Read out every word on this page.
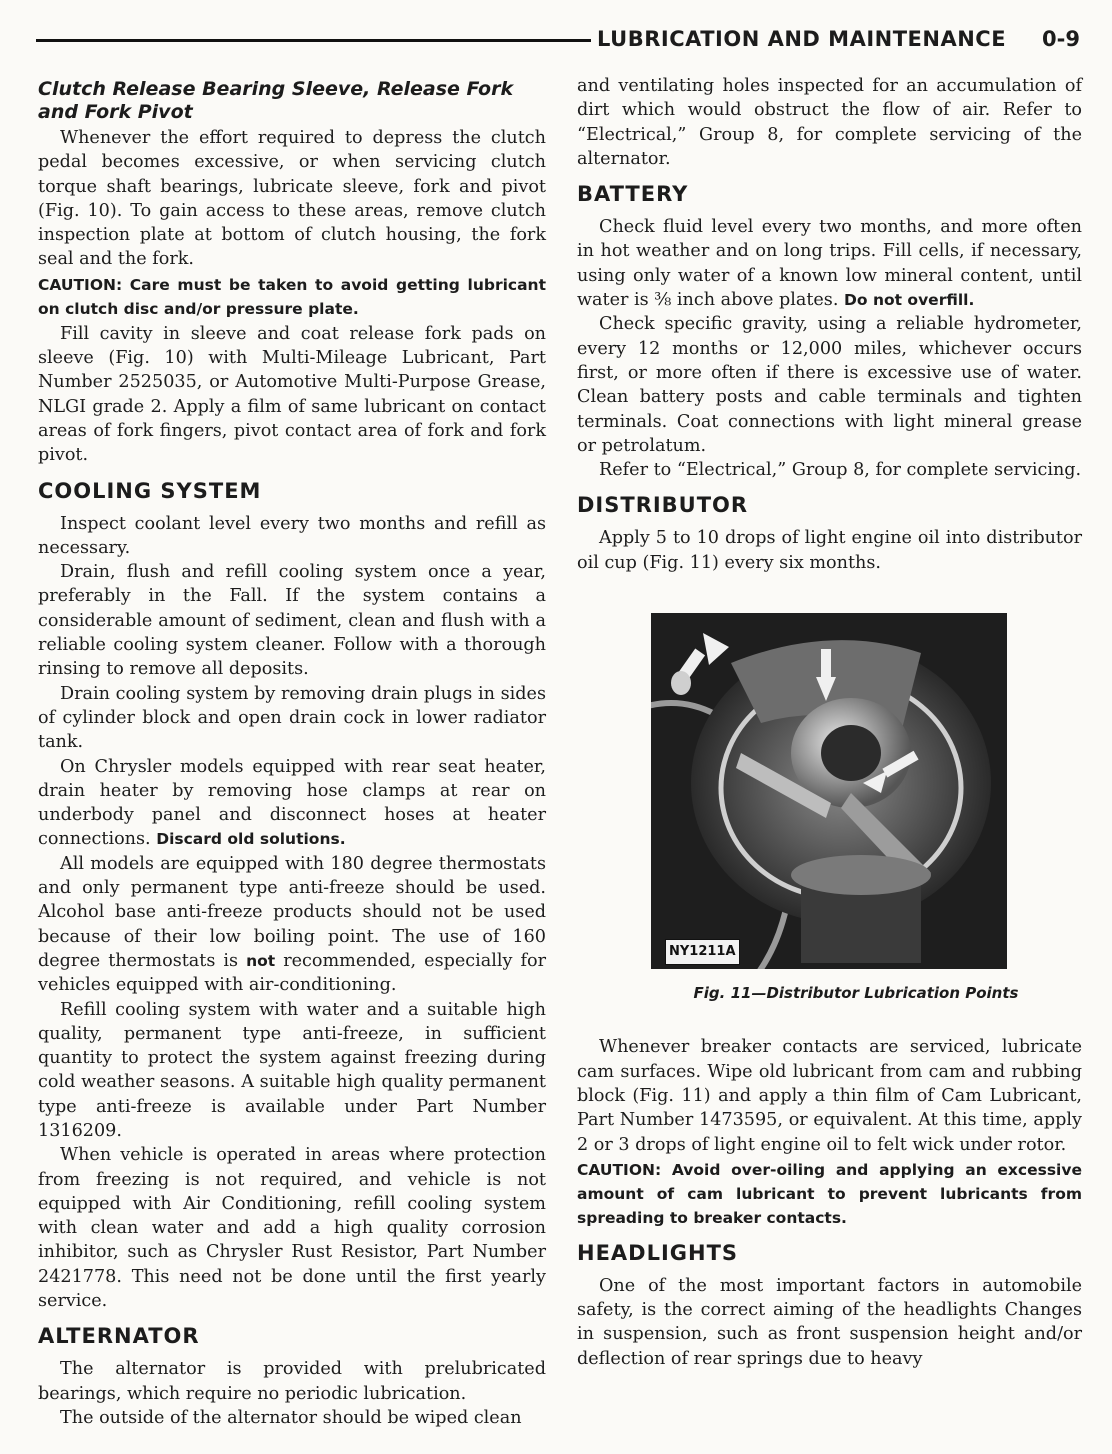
LUBRICATION AND MAINTENANCE 0-9
Clutch Release Bearing Sleeve, Release Fork and Fork Pivot

Whenever the effort required to depress the clutch pedal becomes excessive, or when servicing clutch torque shaft bearings, lubricate sleeve, fork and pivot (Fig. 10). To gain access to these areas, remove clutch inspection plate at bottom of clutch housing, the fork seal and the fork.

CAUTION: Care must be taken to avoid getting lubricant on clutch disc and/or pressure plate.

Fill cavity in sleeve and coat release fork pads on sleeve (Fig. 10) with Multi-Mileage Lubricant, Part Number 2525035, or Automotive Multi-Purpose Grease, NLGI grade 2. Apply a film of same lubricant on contact areas of fork fingers, pivot contact area of fork and fork pivot.

COOLING SYSTEM

Inspect coolant level every two months and refill as necessary.

Drain, flush and refill cooling system once a year, preferably in the Fall. If the system contains a considerable amount of sediment, clean and flush with a reliable cooling system cleaner. Follow with a thorough rinsing to remove all deposits.

Drain cooling system by removing drain plugs in sides of cylinder block and open drain cock in lower radiator tank.

On Chrysler models equipped with rear seat heater, drain heater by removing hose clamps at rear on underbody panel and disconnect hoses at heater connections. Discard old solutions.

All models are equipped with 180 degree thermostats and only permanent type anti-freeze should be used. Alcohol base anti-freeze products should not be used because of their low boiling point. The use of 160 degree thermostats is not recommended, especially for vehicles equipped with air-conditioning.

Refill cooling system with water and a suitable high quality, permanent type anti-freeze, in sufficient quantity to protect the system against freezing during cold weather seasons. A suitable high quality permanent type anti-freeze is available under Part Number 1316209.

When vehicle is operated in areas where protection from freezing is not required, and vehicle is not equipped with Air Conditioning, refill cooling system with clean water and add a high quality corrosion inhibitor, such as Chrysler Rust Resistor, Part Number 2421778. This need not be done until the first yearly service.

ALTERNATOR

The alternator is provided with prelubricated bearings, which require no periodic lubrication.

The outside of the alternator should be wiped clean

and ventilating holes inspected for an accumulation of dirt which would obstruct the flow of air. Refer to “Electrical,” Group 8, for complete servicing of the alternator.

BATTERY

Check fluid level every two months, and more often in hot weather and on long trips. Fill cells, if necessary, using only water of a known low mineral content, until water is ⅜ inch above plates. Do not overfill.

Check specific gravity, using a reliable hydrometer, every 12 months or 12,000 miles, whichever occurs first, or more often if there is excessive use of water. Clean battery posts and cable terminals and tighten terminals. Coat connections with light mineral grease or petrolatum.

Refer to “Electrical,” Group 8, for complete servicing.

DISTRIBUTOR

Apply 5 to 10 drops of light engine oil into distributor oil cup (Fig. 11) every six months.

NY1211A
Fig. 11—Distributor Lubrication Points

Whenever breaker contacts are serviced, lubricate cam surfaces. Wipe old lubricant from cam and rubbing block (Fig. 11) and apply a thin film of Cam Lubricant, Part Number 1473595, or equivalent. At this time, apply 2 or 3 drops of light engine oil to felt wick under rotor.

CAUTION: Avoid over-oiling and applying an excessive amount of cam lubricant to prevent lubricants from spreading to breaker contacts.
HEADLIGHTS

One of the most important factors in automobile safety, is the correct aiming of the headlights Changes in suspension, such as front suspension height and/or deflection of rear springs due to heavy
